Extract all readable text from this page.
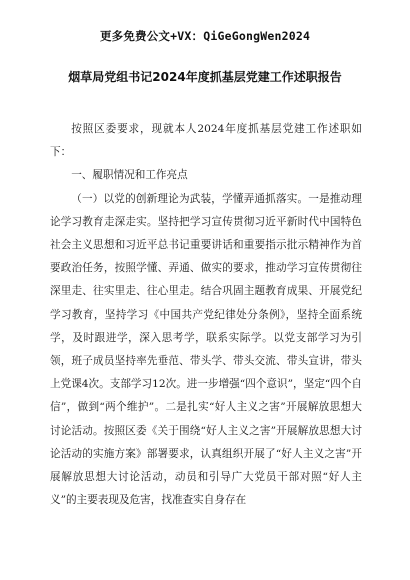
更多免费公文+VX：QiGeGongWen2024
烟草局党组书记2024年度抓基层党建工作述职报告

按照区委要求，现就本人2024年度抓基层党建工作述职如下：

一、履职情况和工作亮点

（一）以党的创新理论为武装，学懂弄通抓落实。一是推动理论学习教育走深走实。坚持把学习宣传贯彻习近平新时代中国特色社会主义思想和习近平总书记重要讲话和重要指示批示精神作为首要政治任务，按照学懂、弄通、做实的要求，推动学习宣传贯彻往深里走、往实里走、往心里走。结合巩固主题教育成果、开展党纪学习教育，坚持学习《中国共产党纪律处分条例》，坚持全面系统学，及时跟进学，深入思考学，联系实际学。以党支部学习为引领，班子成员坚持率先垂范、带头学、带头交流、带头宣讲，带头上党课4次。支部学习12次。进一步增强“四个意识”，坚定“四个自信”，做到“两个维护”。二是扎实“好人主义之害”开展解放思想大讨论活动。按照区委《关于围绕“好人主义之害”开展解放思想大讨论活动的实施方案》部署要求，认真组织开展了“好人主义之害”开展解放思想大讨论活动，动员和引导广大党员干部对照“好人主义”的主要表现及危害，找准查实自身存在
